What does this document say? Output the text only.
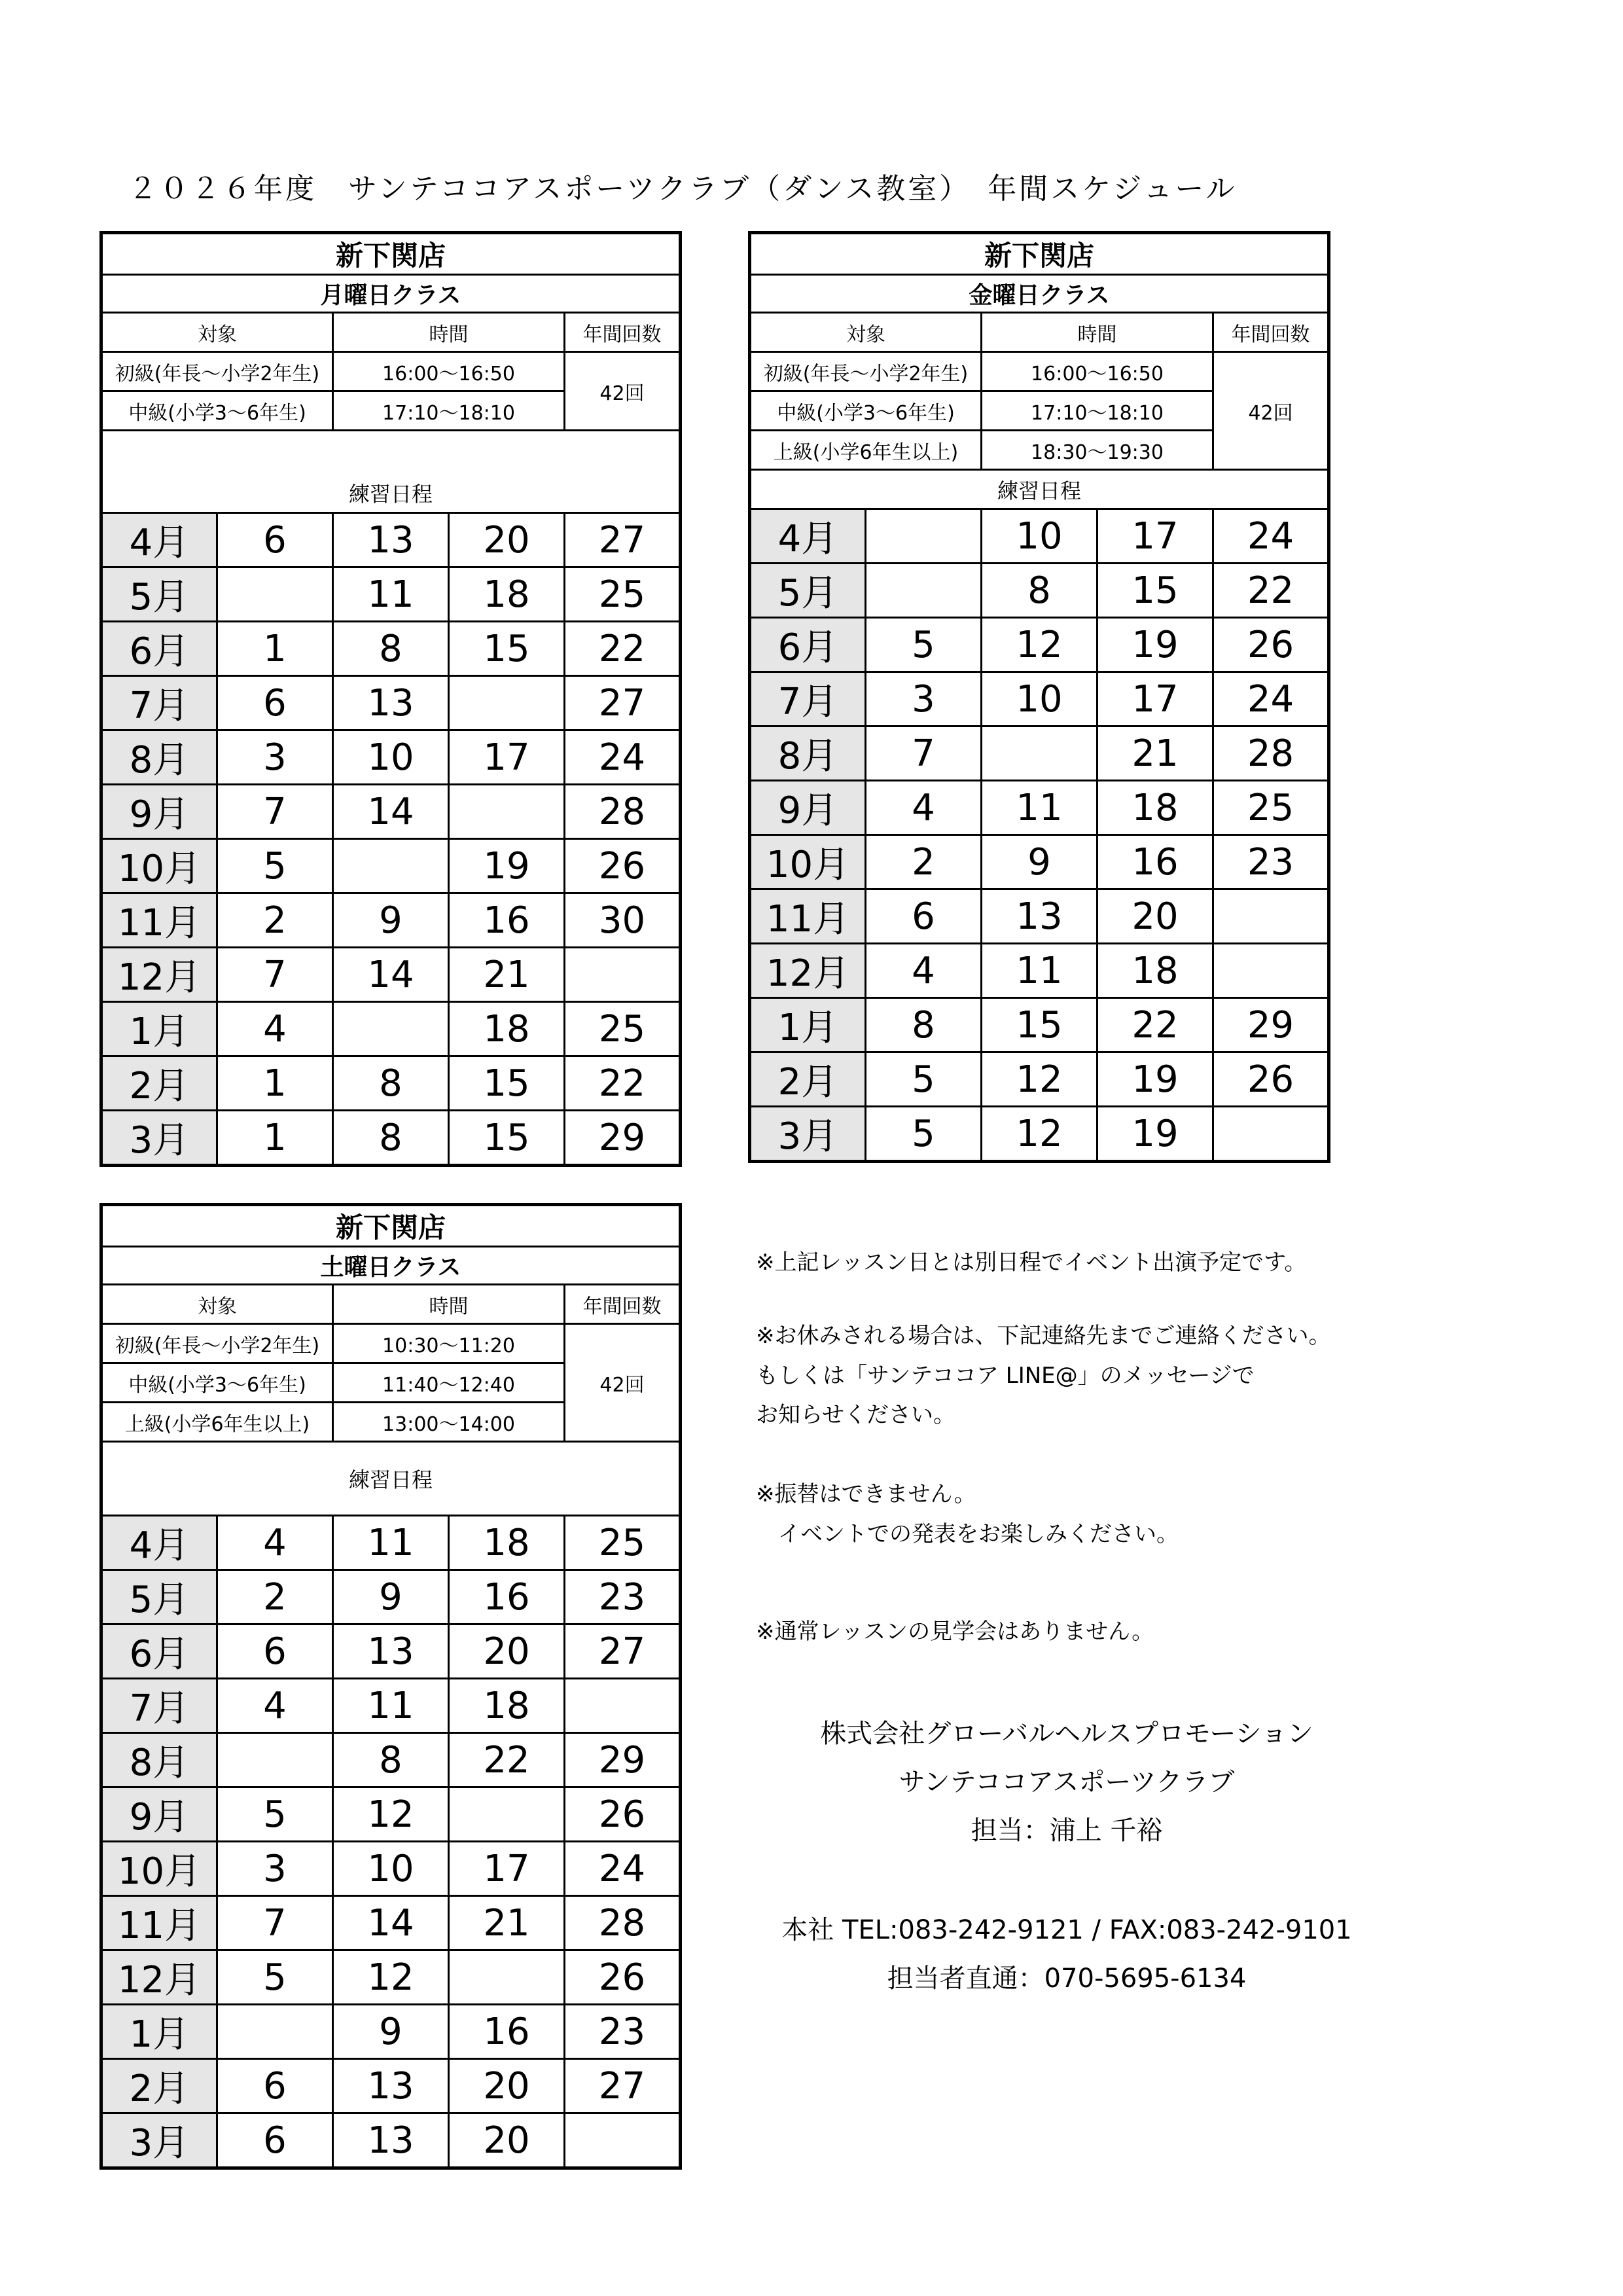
２０２６年度　サンテココアスポーツクラブ（ダンス教室）　年間スケジュール
新下関店				
月曜日クラス				
対象		時間		年間回数
初級(年長～小学2年生)		16:00～16:50		42回
中級(小学3～6年生)		17:10～18:10		
練習日程				
4月	6	13	20	27
5月		11	18	25
6月	1	8	15	22
7月	6	13		27
8月	3	10	17	24
9月	7	14		28
10月	5		19	26
11月	2	9	16	30
12月	7	14	21	
1月	4		18	25
2月	1	8	15	22
3月	1	8	15	29
新下関店				
金曜日クラス				
対象		時間		年間回数
初級(年長～小学2年生)		16:00～16:50		42回
中級(小学3～6年生)		17:10～18:10		
上級(小学6年生以上)		18:30～19:30		
練習日程				
4月		10	17	24
5月		8	15	22
6月	5	12	19	26
7月	3	10	17	24
8月	7		21	28
9月	4	11	18	25
10月	2	9	16	23
11月	6	13	20	
12月	4	11	18	
1月	8	15	22	29
2月	5	12	19	26
3月	5	12	19	
新下関店				
土曜日クラス				
対象		時間		年間回数
初級(年長～小学2年生)		10:30～11:20		42回
中級(小学3～6年生)		11:40～12:40		
上級(小学6年生以上)		13:00～14:00		
練習日程				
4月	4	11	18	25
5月	2	9	16	23
6月	6	13	20	27
7月	4	11	18	
8月		8	22	29
9月	5	12		26
10月	3	10	17	24
11月	7	14	21	28
12月	5	12		26
1月		9	16	23
2月	6	13	20	27
3月	6	13	20	
※上記レッスン日とは別日程でイベント出演予定です。
※お休みされる場合は、下記連絡先までご連絡ください。
もしくは「サンテココア LINE@」のメッセージで
お知らせください。
※振替はできません。
　イベントでの発表をお楽しみください。
※通常レッスンの見学会はありません。
株式会社グローバルヘルスプロモーション
サンテココアスポーツクラブ
担当：浦上 千裕
本社 TEL:083-242-9121 / FAX:083-242-9101
担当者直通：070-5695-6134
